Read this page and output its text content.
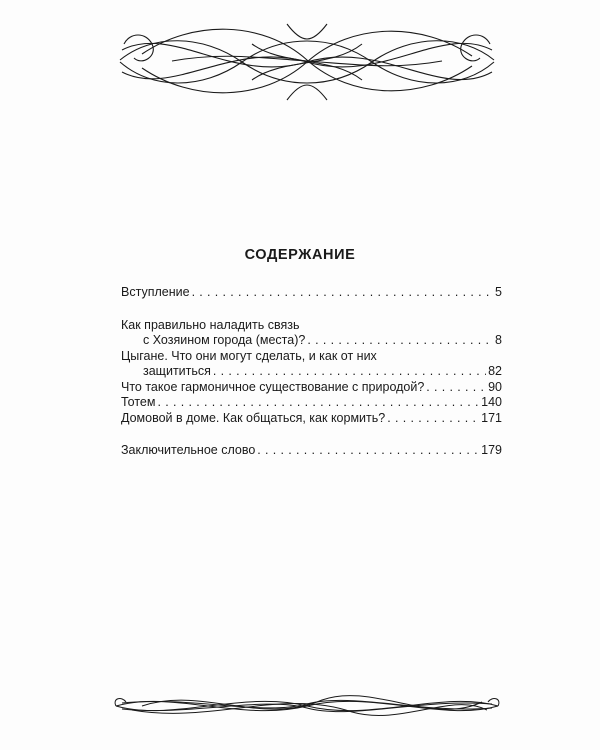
СОДЕРЖАНИЕ
Вступление . . .	5
Как правильно наладить связь
с Хозяином города (места)? . . .	8
Цыгане. Что они могут сделать, и как от них
защититься . . .	82
Что такое гармоничное существование с природой? . . .	90
Тотем . . .	140
Домовой в доме. Как общаться, как кормить? . . .	171
Заключительное слово . . .	179
